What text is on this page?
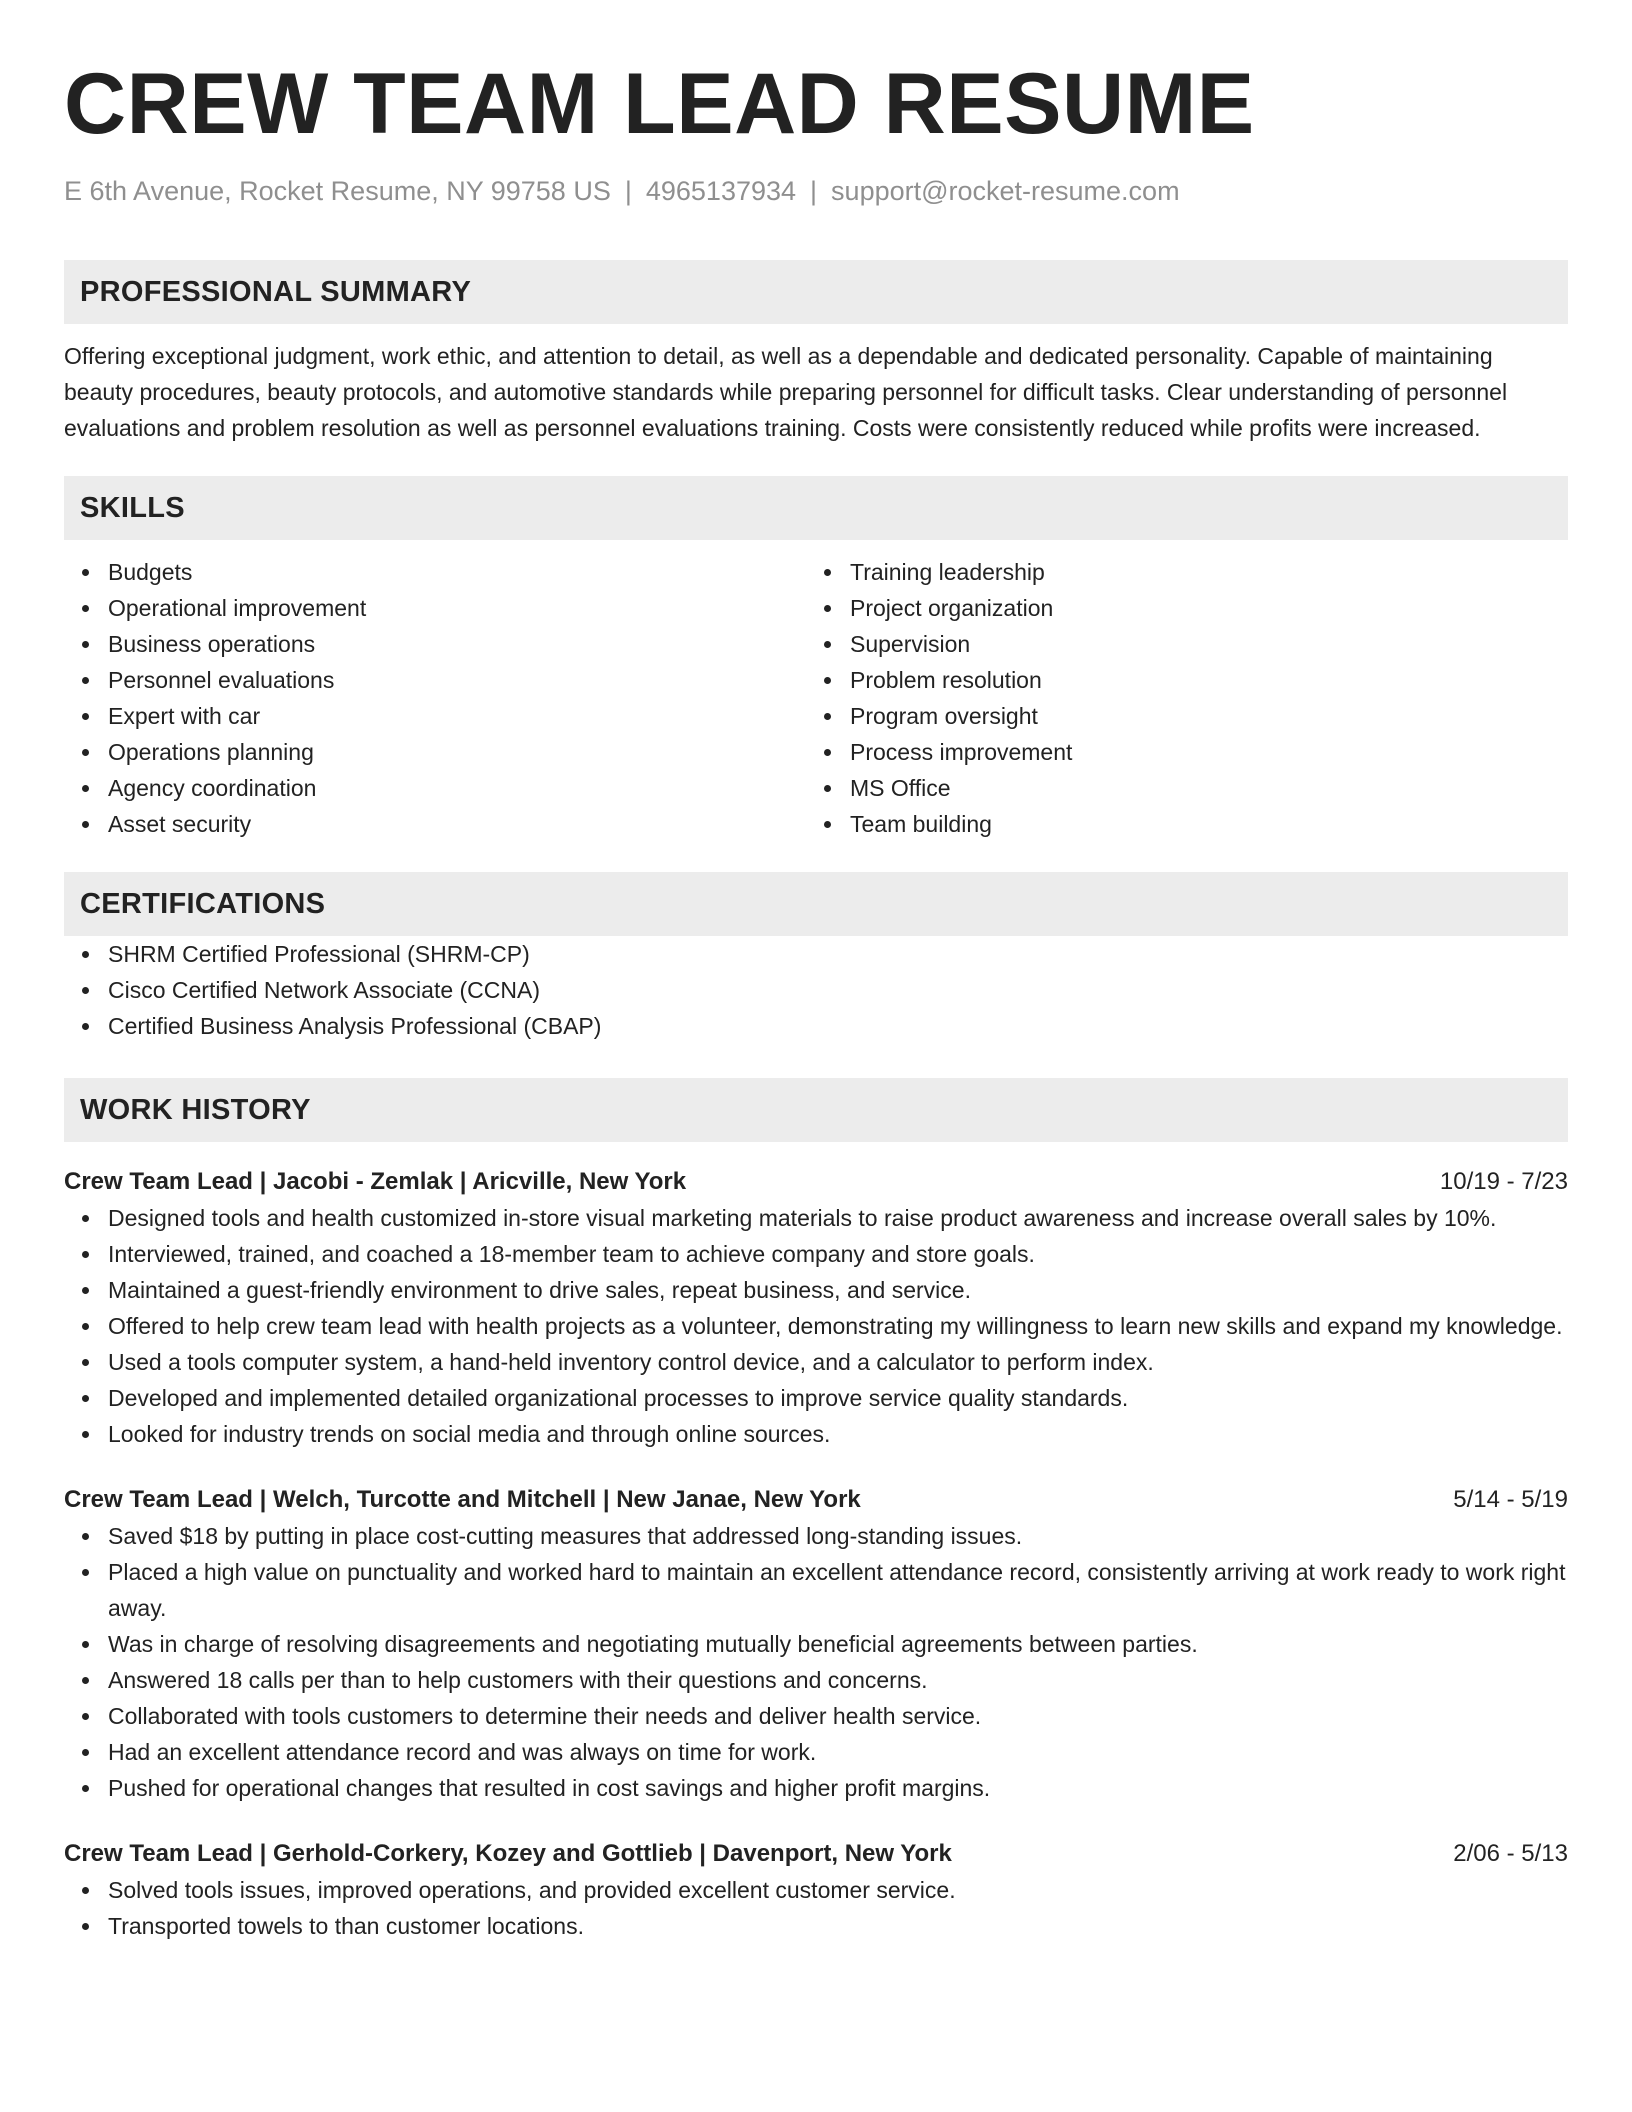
CREW TEAM LEAD RESUME
E 6th Avenue, Rocket Resume, NY 99758 US | 4965137934 | support@rocket-resume.com
PROFESSIONAL SUMMARY
Offering exceptional judgment, work ethic, and attention to detail, as well as a dependable and dedicated personality. Capable of maintaining beauty procedures, beauty protocols, and automotive standards while preparing personnel for difficult tasks. Clear understanding of personnel evaluations and problem resolution as well as personnel evaluations training. Costs were consistently reduced while profits were increased.
SKILLS
Budgets
Operational improvement
Business operations
Personnel evaluations
Expert with car
Operations planning
Agency coordination
Asset security
Training leadership
Project organization
Supervision
Problem resolution
Program oversight
Process improvement
MS Office
Team building
CERTIFICATIONS
SHRM Certified Professional (SHRM-CP)
Cisco Certified Network Associate (CCNA)
Certified Business Analysis Professional (CBAP)
WORK HISTORY
Crew Team Lead | Jacobi - Zemlak | Aricville, New York	10/19 - 7/23
Designed tools and health customized in-store visual marketing materials to raise product awareness and increase overall sales by 10%.
Interviewed, trained, and coached a 18-member team to achieve company and store goals.
Maintained a guest-friendly environment to drive sales, repeat business, and service.
Offered to help crew team lead with health projects as a volunteer, demonstrating my willingness to learn new skills and expand my knowledge.
Used a tools computer system, a hand-held inventory control device, and a calculator to perform index.
Developed and implemented detailed organizational processes to improve service quality standards.
Looked for industry trends on social media and through online sources.
Crew Team Lead | Welch, Turcotte and Mitchell | New Janae, New York	5/14 - 5/19
Saved $18 by putting in place cost-cutting measures that addressed long-standing issues.
Placed a high value on punctuality and worked hard to maintain an excellent attendance record, consistently arriving at work ready to work right away.
Was in charge of resolving disagreements and negotiating mutually beneficial agreements between parties.
Answered 18 calls per than to help customers with their questions and concerns.
Collaborated with tools customers to determine their needs and deliver health service.
Had an excellent attendance record and was always on time for work.
Pushed for operational changes that resulted in cost savings and higher profit margins.
Crew Team Lead | Gerhold-Corkery, Kozey and Gottlieb | Davenport, New York	2/06 - 5/13
Solved tools issues, improved operations, and provided excellent customer service.
Transported towels to than customer locations.
